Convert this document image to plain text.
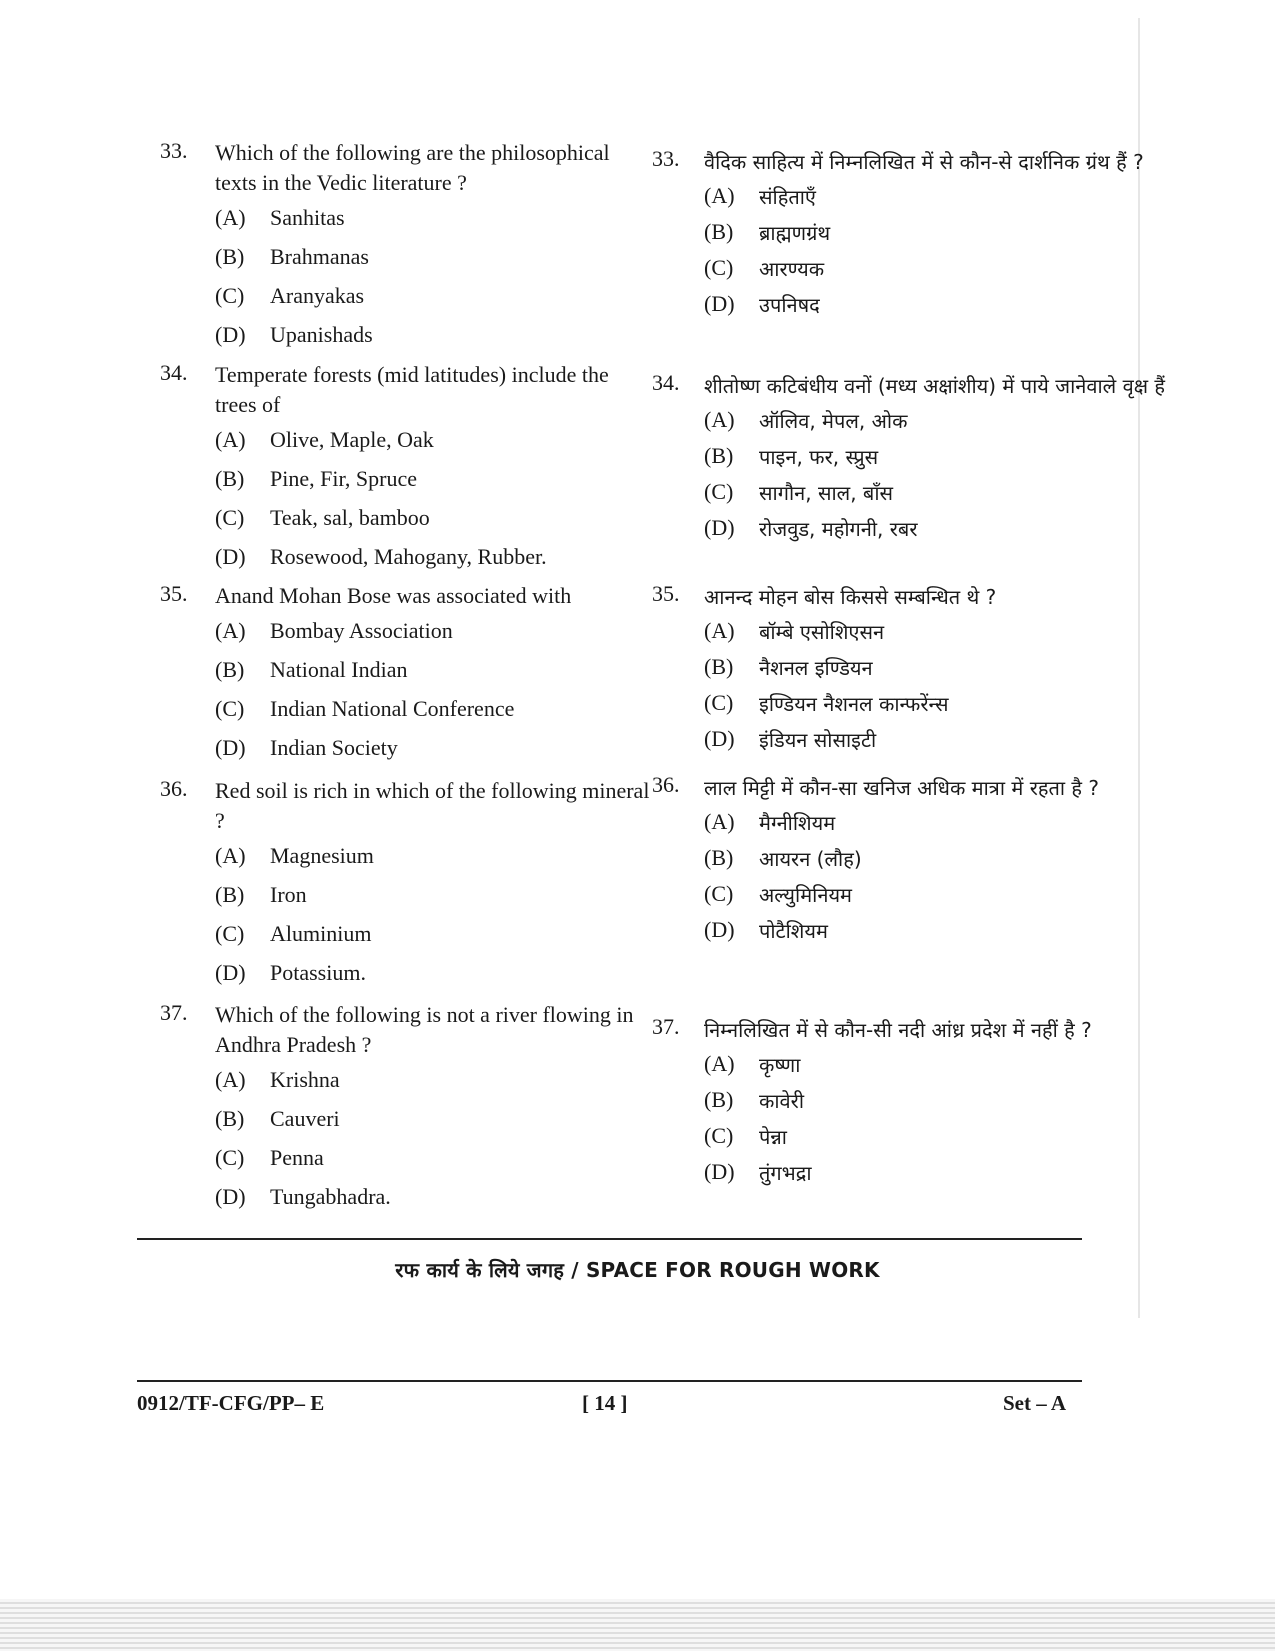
33.	Which of the following are the philosophical texts in the Vedic literature ?
(A)	Sanhitas
(B)	Brahmanas
(C)	Aranyakas
(D)	Upanishads
34.	Temperate forests (mid latitudes) include the trees of
(A)	Olive, Maple, Oak
(B)	Pine, Fir, Spruce
(C)	Teak, sal, bamboo
(D)	Rosewood, Mahogany, Rubber.
35.	Anand Mohan Bose was associated with
(A)	Bombay Association
(B)	National Indian
(C)	Indian National Conference
(D)	Indian Society
36.	Red soil is rich in which of the following mineral ?
(A)	Magnesium
(B)	Iron
(C)	Aluminium
(D)	Potassium.
37.	Which of the following is not a river flowing in Andhra Pradesh ?
(A)	Krishna
(B)	Cauveri
(C)	Penna
(D)	Tungabhadra.
33.	वैदिक साहित्य में निम्नलिखित में से कौन-से दार्शनिक ग्रंथ हैं ?
(A)	संहिताएँ
(B)	ब्राह्मणग्रंथ
(C)	आरण्यक
(D)	उपनिषद
34.	शीतोष्ण कटिबंधीय वनों (मध्य अक्षांशीय) में पाये जानेवाले वृक्ष हैं
(A)	ऑलिव, मेपल, ओक
(B)	पाइन, फर, स्प्रुस
(C)	सागौन, साल, बाँस
(D)	रोजवुड, महोगनी, रबर
35.	आनन्द मोहन बोस किससे सम्बन्धित थे ?
(A)	बॉम्बे एसोशिएसन
(B)	नैशनल इण्डियन
(C)	इण्डियन नैशनल कान्फरेंन्स
(D)	इंडियन सोसाइटी
36.	लाल मिट्टी में कौन-सा खनिज अधिक मात्रा में रहता है ?
(A)	मैग्नीशियम
(B)	आयरन (लौह)
(C)	अल्युमिनियम
(D)	पोटैशियम
37.	निम्नलिखित में से कौन-सी नदी आंध्र प्रदेश में नहीं है ?
(A)	कृष्णा
(B)	कावेरी
(C)	पेन्ना
(D)	तुंगभद्रा
रफ कार्य के लिये जगह / SPACE FOR ROUGH WORK
0912/TF-CFG/PP– E	[ 14 ]	Set – A
